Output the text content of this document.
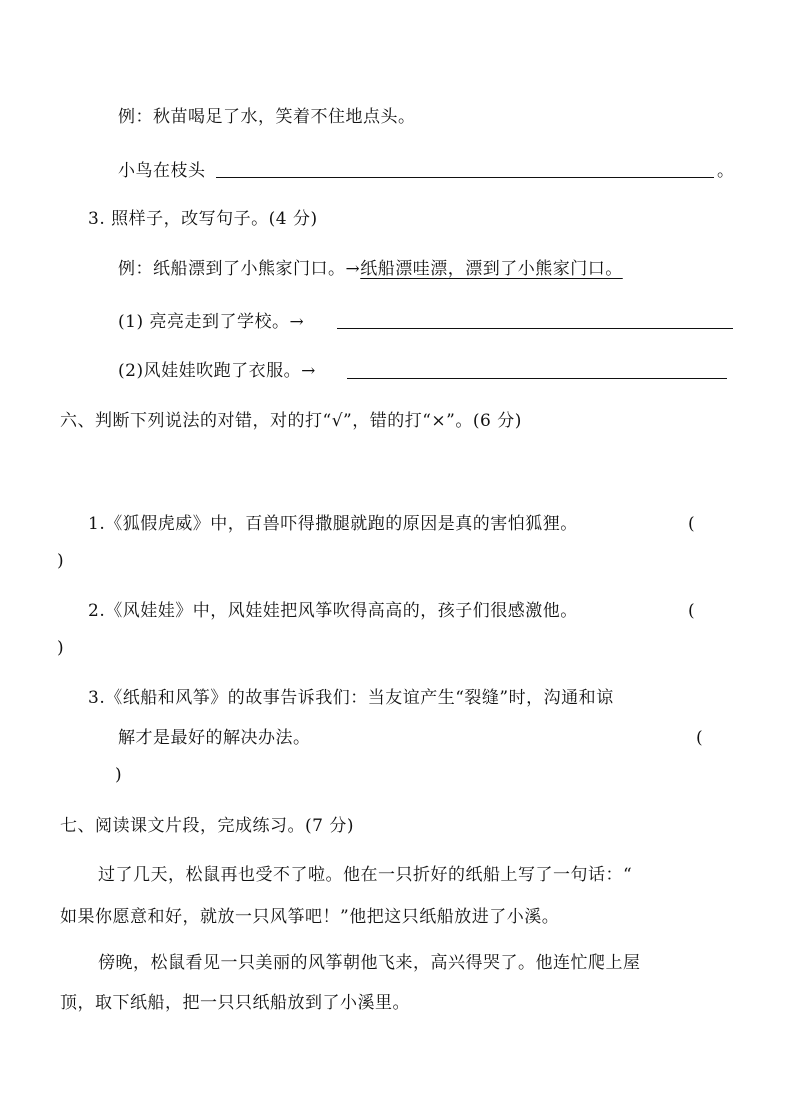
例：秋苗喝足了水，笑着不住地点头。
小鸟在枝头	。
3. 照样子，改写句子。(4 分)
例：纸船漂到了小熊家门口。→纸船漂哇漂，漂到了小熊家门口。
(1) 亮亮走到了学校。→
(2)风娃娃吹跑了衣服。→
六、判断下列说法的对错，对的打“√”，错的打“×”。(6 分)
1.《狐假虎威》中，百兽吓得撒腿就跑的原因是真的害怕狐狸。	(
)
2.《风娃娃》中，风娃娃把风筝吹得高高的，孩子们很感激他。	(
)
3.《纸船和风筝》的故事告诉我们：当友谊产生“裂缝”时，沟通和谅
解才是最好的解决办法。	(
)
七、阅读课文片段，完成练习。(7 分)
过了几天，松鼠再也受不了啦。他在一只折好的纸船上写了一句话：“
如果你愿意和好，就放一只风筝吧！”他把这只纸船放进了小溪。
傍晚，松鼠看见一只美丽的风筝朝他飞来，高兴得哭了。他连忙爬上屋
顶，取下纸船，把一只只纸船放到了小溪里。
